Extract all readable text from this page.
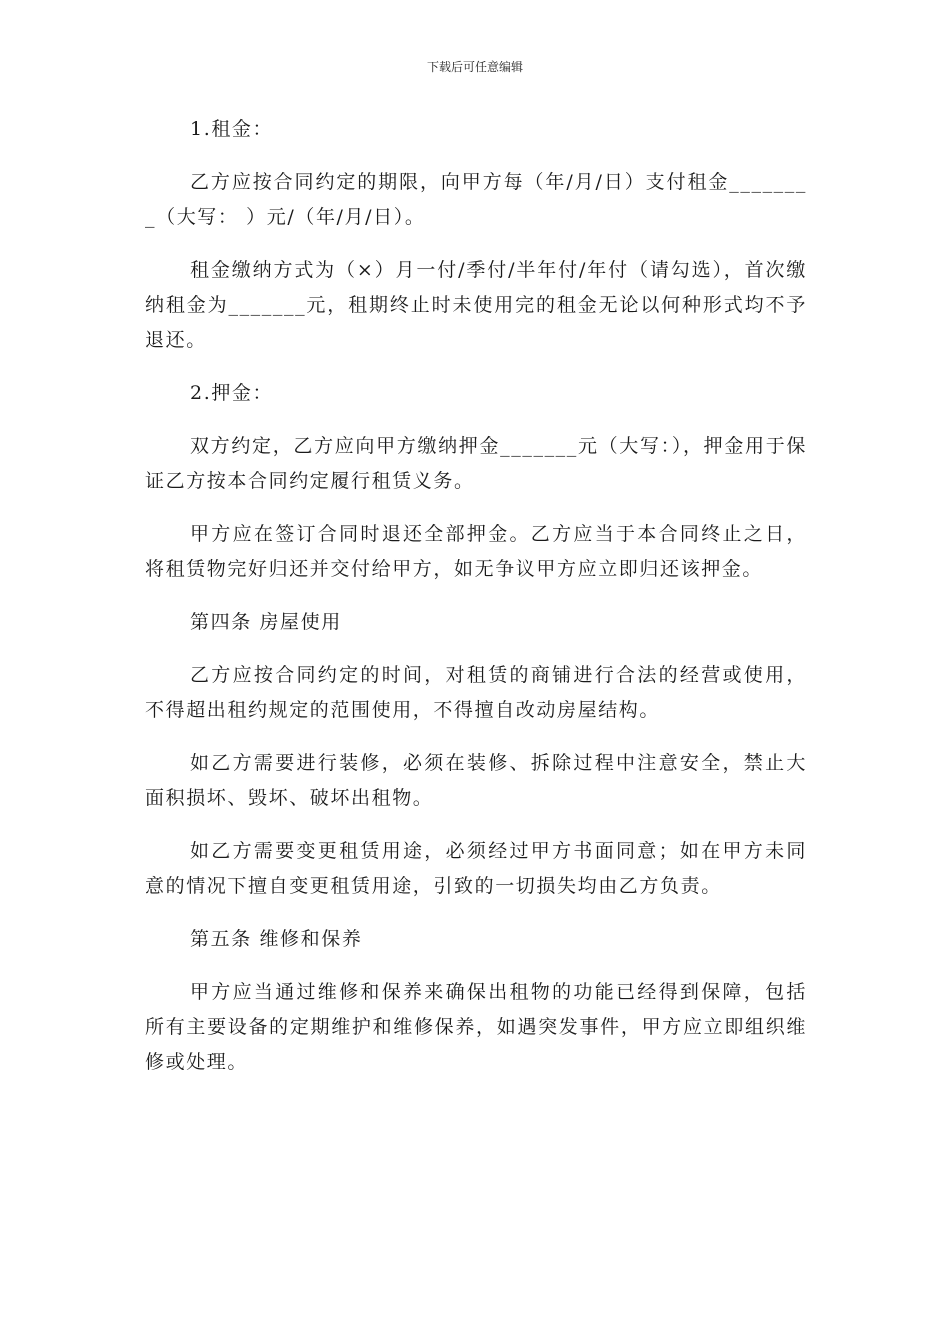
下载后可任意编辑

1.租金：

乙方应按合同约定的期限，向甲方每（年/月/日）支付租金________（大写： ）元/（年/月/日）。

租金缴纳方式为（×）月一付/季付/半年付/年付（请勾选），首次缴纳租金为_______元，租期终止时未使用完的租金无论以何种形式均不予退还。

2.押金：

双方约定，乙方应向甲方缴纳押金_______元（大写：），押金用于保证乙方按本合同约定履行租赁义务。

甲方应在签订合同时退还全部押金。乙方应当于本合同终止之日，将租赁物完好归还并交付给甲方，如无争议甲方应立即归还该押金。

第四条 房屋使用

乙方应按合同约定的时间，对租赁的商铺进行合法的经营或使用，不得超出租约规定的范围使用，不得擅自改动房屋结构。

如乙方需要进行装修，必须在装修、拆除过程中注意安全，禁止大面积损坏、毁坏、破坏出租物。

如乙方需要变更租赁用途，必须经过甲方书面同意；如在甲方未同意的情况下擅自变更租赁用途，引致的一切损失均由乙方负责。

第五条 维修和保养

甲方应当通过维修和保养来确保出租物的功能已经得到保障，包括所有主要设备的定期维护和维修保养，如遇突发事件，甲方应立即组织维修或处理。
